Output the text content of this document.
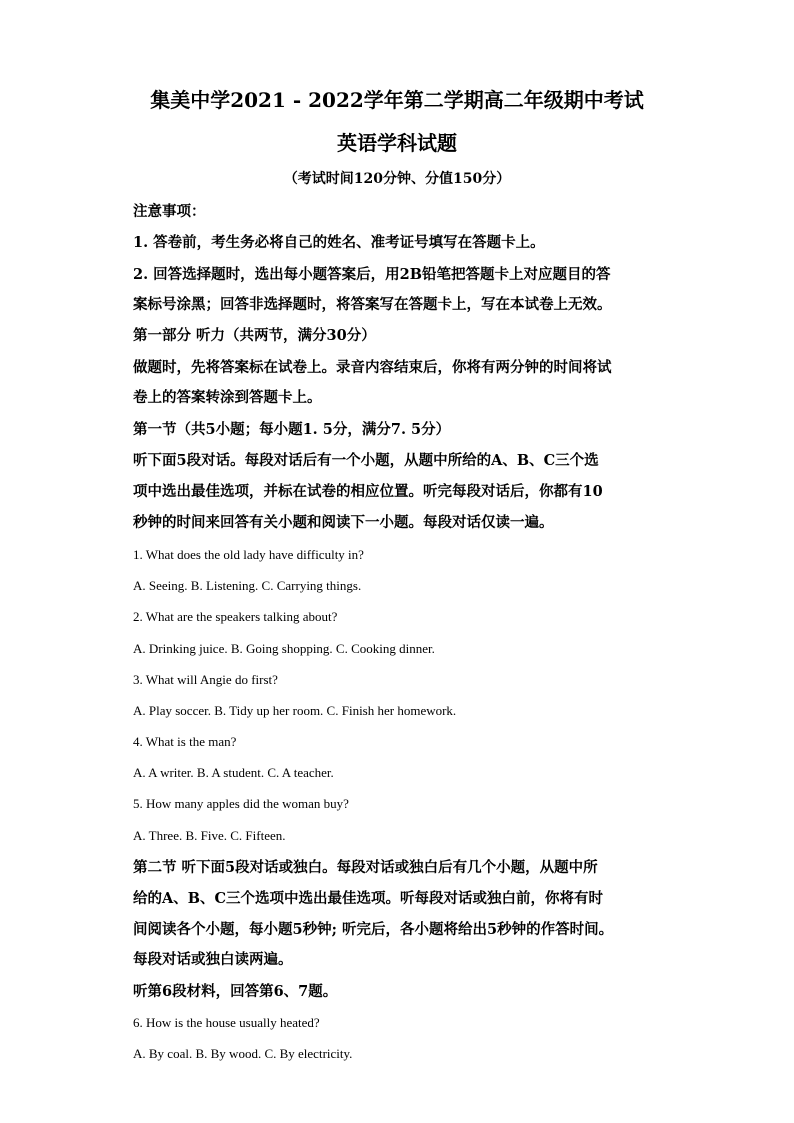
集美中学2021 - 2022学年第二学期高二年级期中考试
英语学科试题
（考试时间120分钟、分值150分）
注意事项：
1. 答卷前，考生务必将自己的姓名、准考证号填写在答题卡上。
2. 回答选择题时，选出每小题答案后，用2B铅笔把答题卡上对应题目的答
案标号涂黑；回答非选择题时，将答案写在答题卡上，写在本试卷上无效。
第一部分 听力（共两节，满分30分）
做题时，先将答案标在试卷上。录音内容结束后，你将有两分钟的时间将试
卷上的答案转涂到答题卡上。
第一节（共5小题；每小题1. 5分，满分7. 5分）
听下面5段对话。每段对话后有一个小题，从题中所给的A、B、C三个选
项中选出最佳选项，并标在试卷的相应位置。听完每段对话后，你都有10
秒钟的时间来回答有关小题和阅读下一小题。每段对话仅读一遍。
1. What does the old lady have difficulty in?
A. Seeing. B. Listening. C. Carrying things.
2. What are the speakers talking about?
A. Drinking juice. B. Going shopping. C. Cooking dinner.
3. What will Angie do first?
A. Play soccer. B. Tidy up her room. C. Finish her homework.
4. What is the man?
A. A writer. B. A student. C. A teacher.
5. How many apples did the woman buy?
A. Three. B. Five. C. Fifteen.
第二节 听下面5段对话或独白。每段对话或独白后有几个小题，从题中所
给的A、B、C三个选项中选出最佳选项。听每段对话或独白前，你将有时
间阅读各个小题，每小题5秒钟; 听完后，各小题将给出5秒钟的作答时间。
每段对话或独白读两遍。
听第6段材料，回答第6、7题。
6. How is the house usually heated?
A. By coal. B. By wood. C. By electricity.
